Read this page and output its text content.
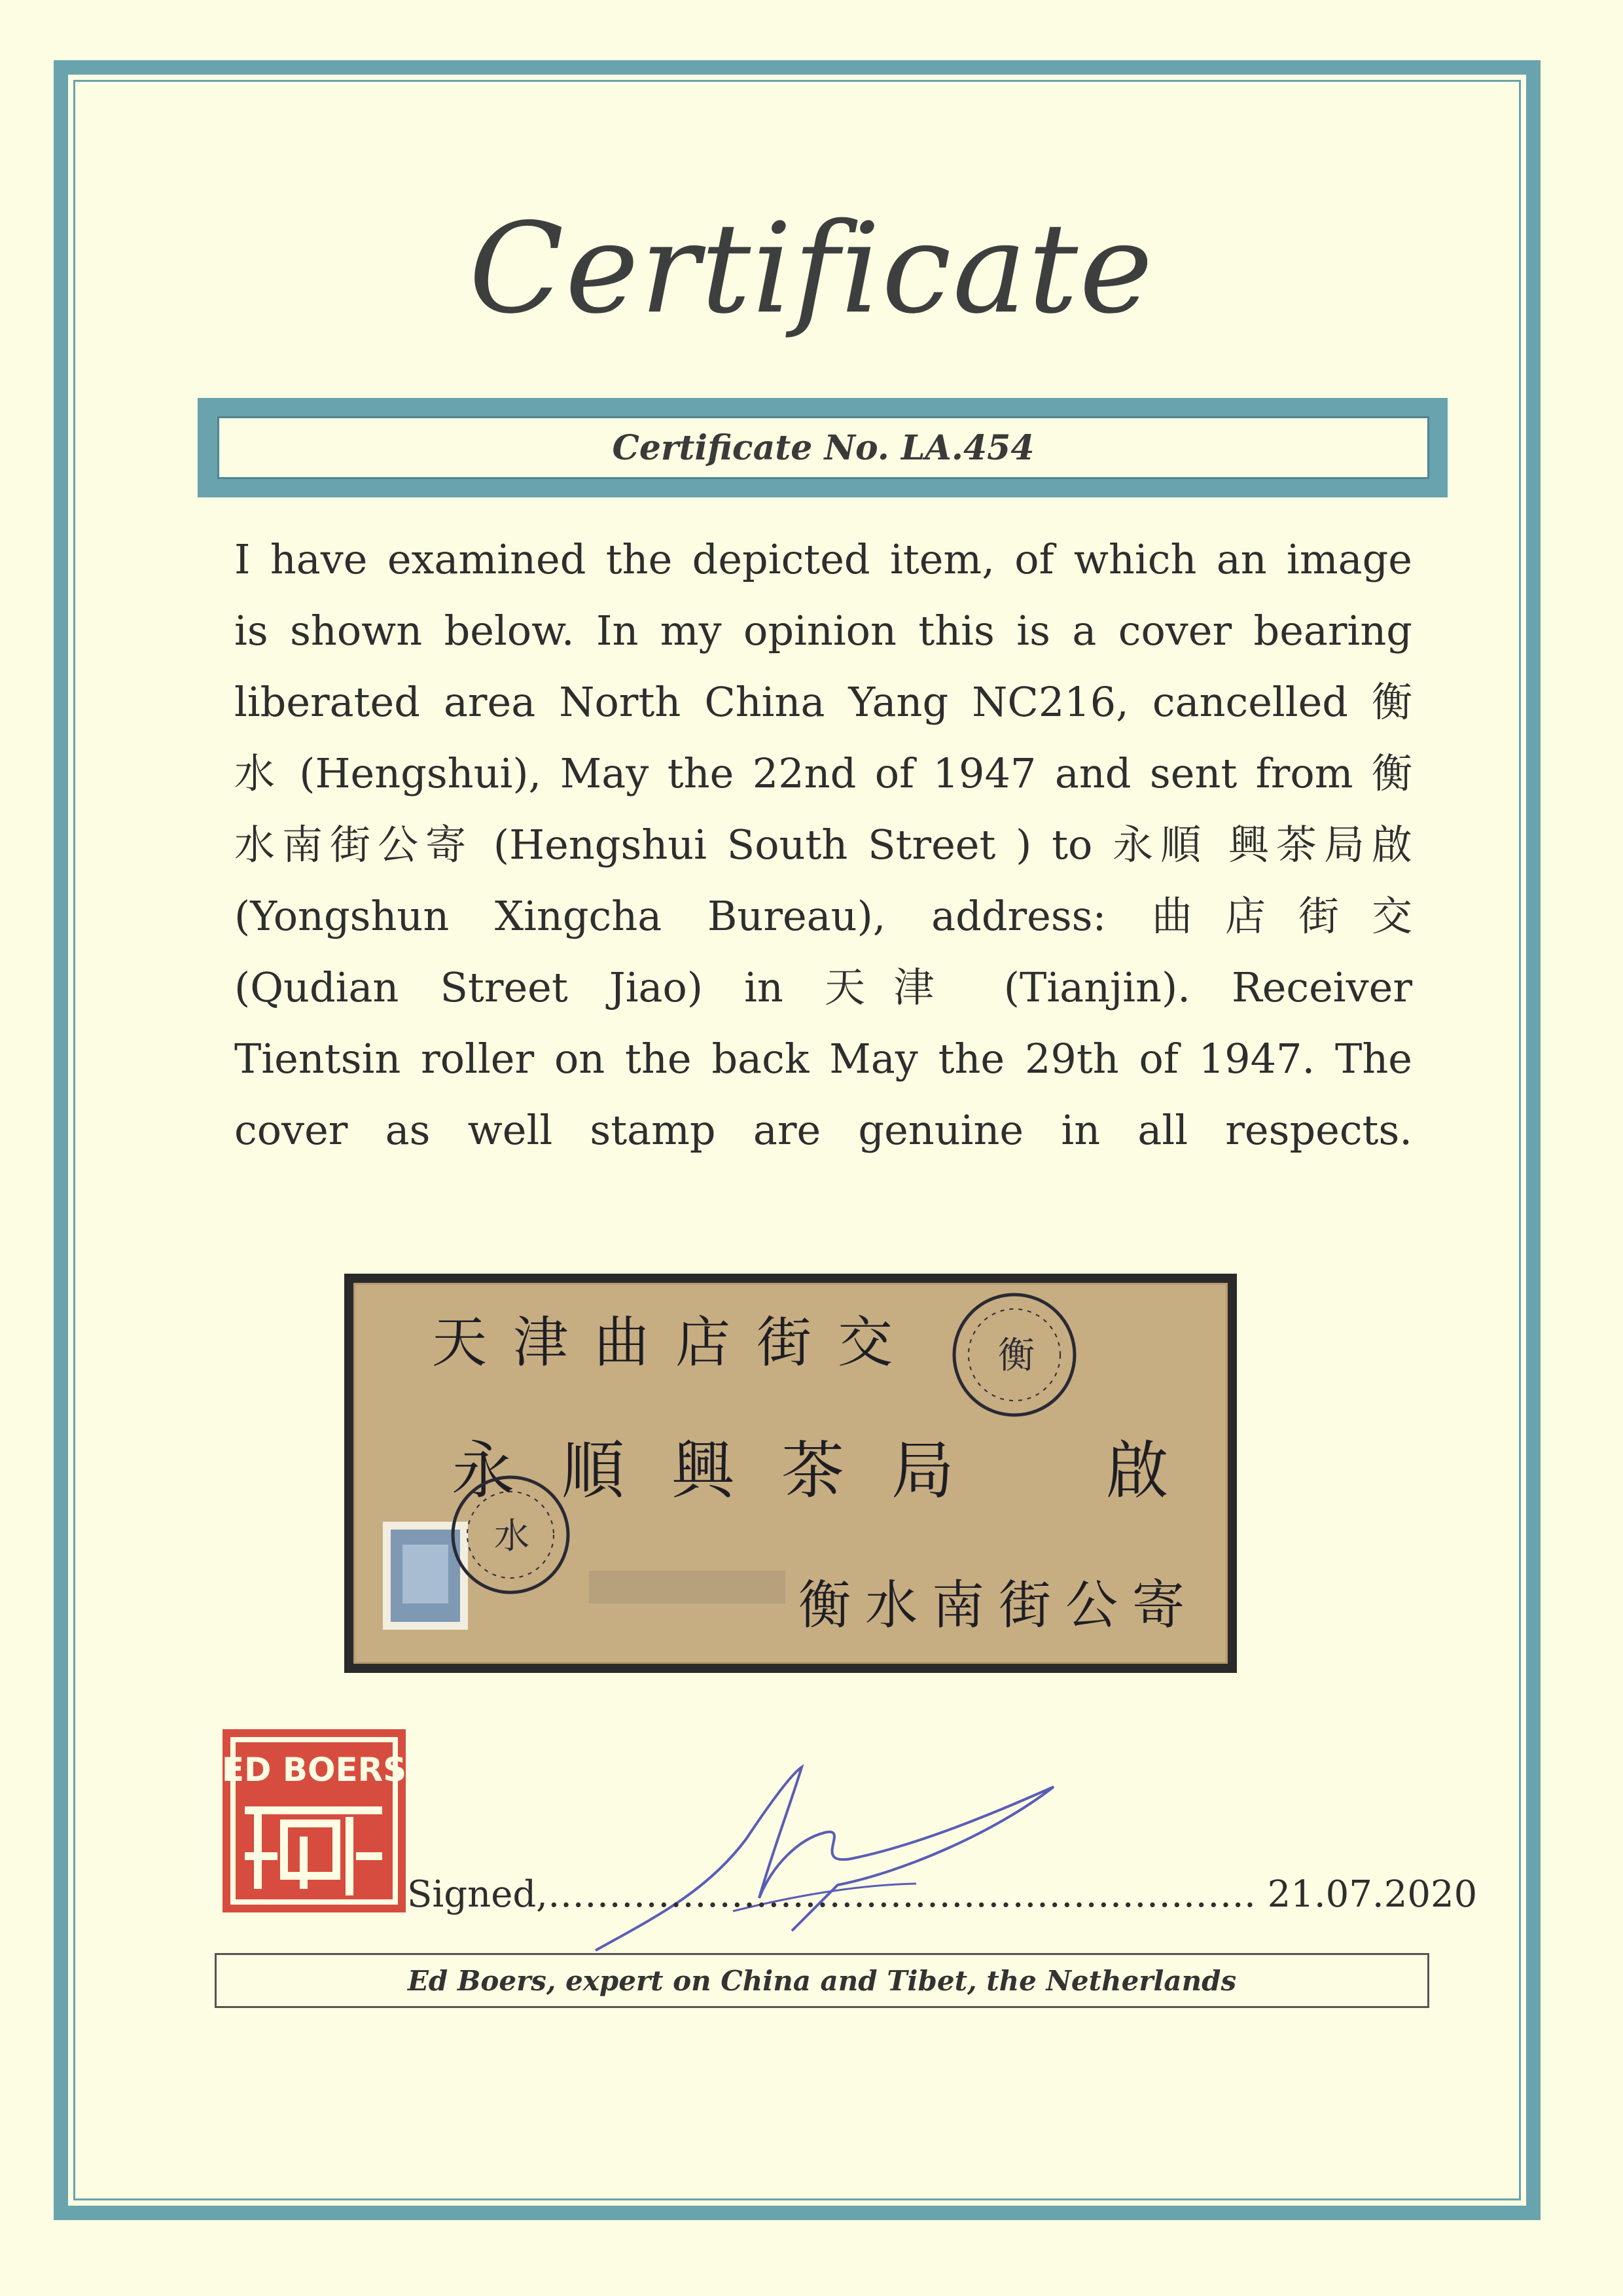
Certificate
Certificate No. LA.454
I have examined the depicted item, of which an image
is shown below. In my opinion this is a cover bearing
liberated area North China Yang NC216, cancelled 衡
水 (Hengshui), May the 22nd of 1947 and sent from 衡
水南街公寄 (Hengshui South Street ) to 永順 興茶局啟
(Yongshun Xingcha Bureau), address: 曲店街交
(Qudian Street Jiao) in 天津 (Tianjin). Receiver
Tientsin roller on the back May the 29th of 1947. The
cover as well stamp are genuine in all respects.
天津曲店街交
永順興茶局 啟
衡水南街公寄
衡
水
ED BOERS
Signed,…………………………………………………. 21.07.2020
Ed Boers, expert on China and Tibet, the Netherlands
